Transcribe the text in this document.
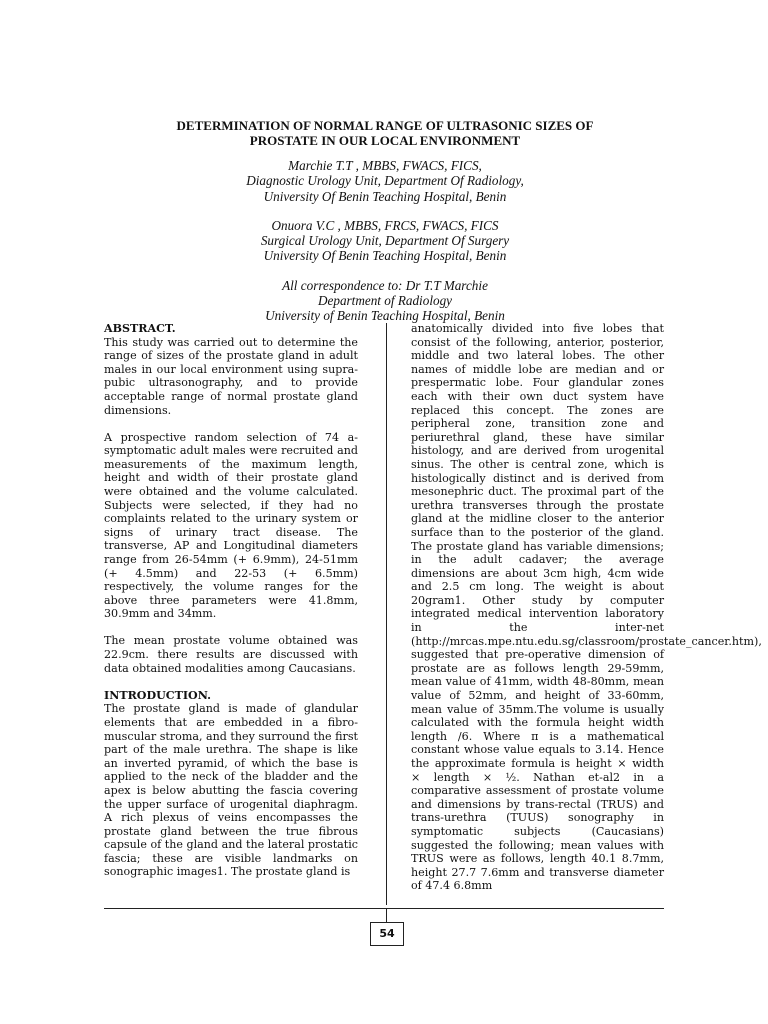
DETERMINATION OF NORMAL RANGE OF ULTRASONIC SIZES OF
PROSTATE IN OUR LOCAL ENVIRONMENT
Marchie T.T , MBBS, FWACS, FICS,
Diagnostic Urology Unit, Department Of Radiology,
University Of Benin Teaching Hospital, Benin
Onuora V.C , MBBS, FRCS, FWACS, FICS
Surgical Urology Unit, Department Of Surgery
University Of Benin Teaching Hospital, Benin
All correspondence to: Dr T.T Marchie
Department of Radiology
University of Benin Teaching Hospital, Benin
ABSTRACT.

This study was carried out to determine the range of sizes of the prostate gland in adult males in our local environment using supra-pubic ultrasonography, and to provide acceptable range of normal prostate gland dimensions.

A prospective random selection of 74 a-symptomatic adult males were recruited and measurements of the maximum length, height and width of their prostate gland were obtained and the volume calculated. Subjects were selected, if they had no complaints related to the urinary system or signs of urinary tract disease. The transverse, AP and Longitudinal diameters range from 26-54mm (+ 6.9mm), 24-51mm (+ 4.5mm) and 22-53 (+ 6.5mm) respectively, the volume ranges for the above three parameters were 41.8mm, 30.9mm and 34mm.

The mean prostate volume obtained was 22.9cm. there results are discussed with data obtained modalities among Caucasians.

INTRODUCTION.

The prostate gland is made of glandular elements that are embedded in a fibro-muscular stroma, and they surround the first part of the male urethra. The shape is like an inverted pyramid, of which the base is applied to the neck of the bladder and the apex is below abutting the fascia covering the upper surface of urogenital diaphragm. A rich plexus of veins encompasses the prostate gland between the true fibrous capsule of the gland and the lateral prostatic fascia; these are visible landmarks on sonographic images1. The prostate gland is

anatomically divided into five lobes that consist of the following, anterior, posterior, middle and two lateral lobes. The other names of middle lobe are median and or prespermatic lobe. Four glandular zones each with their own duct system have replaced this concept. The zones are peripheral zone, transition zone and periurethral gland, these have similar histology, and are derived from urogenital sinus. The other is central zone, which is histologically distinct and is derived from mesonephric duct. The proximal part of the urethra transverses through the prostate gland at the midline closer to the anterior surface than to the posterior of the gland. The prostate gland has variable dimensions; in the adult cadaver; the average dimensions are about 3cm high, 4cm wide and 2.5 cm long. The weight is about 20gram1. Other study by computer integrated medical intervention laboratory in the inter-net (http://mrcas.mpe.ntu.edu.sg/classroom/prostate_cancer.htm), suggested that pre-operative dimension of prostate are as follows length 29-59mm, mean value of 41mm, width 48-80mm, mean value of 52mm, and height of 33-60mm, mean value of 35mm.The volume is usually calculated with the formula height width length /6. Where π is a mathematical constant whose value equals to 3.14. Hence the approximate formula is height × width × length × ½. Nathan et-al2 in a comparative assessment of prostate volume and dimensions by trans-rectal (TRUS) and trans-urethra (TUUS) sonography in symptomatic subjects (Caucasians) suggested the following; mean values with TRUS were as follows, length 40.1 8.7mm, height 27.7 7.6mm and transverse diameter of 47.4 6.8mm

54
